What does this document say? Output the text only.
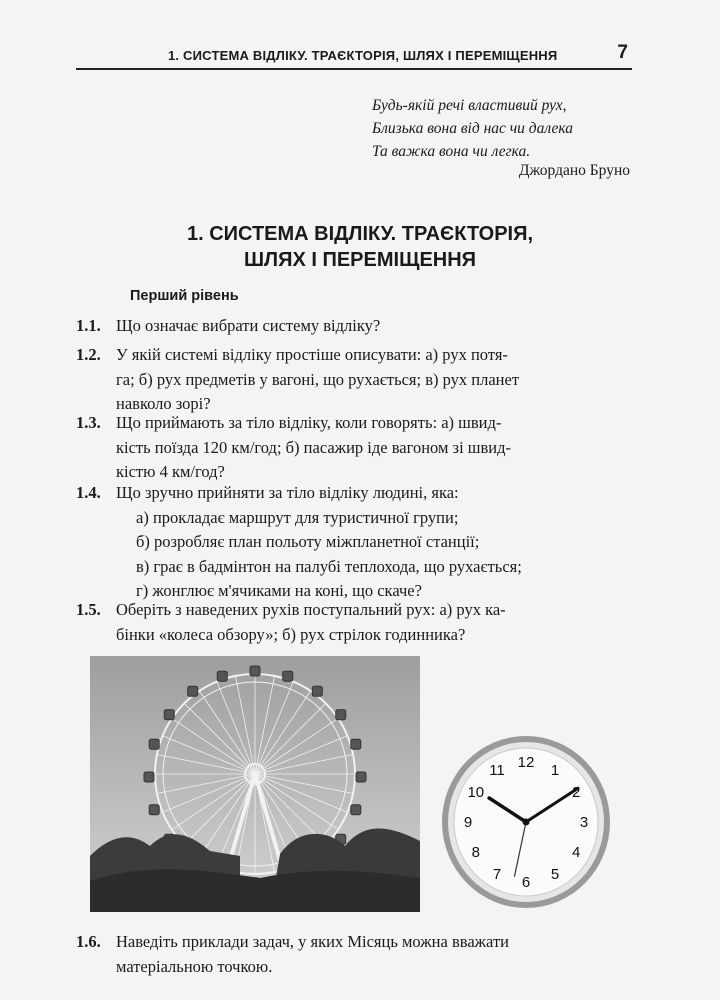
1. СИСТЕМА ВІДЛІКУ. ТРАЄКТОРІЯ, ШЛЯХ І ПЕРЕМІЩЕННЯ	7
Будь-якій речі властивий рух,
Близька вона від нас чи далека
Та важка вона чи легка.
Джордано Бруно
1. СИСТЕМА ВІДЛІКУ. ТРАЄКТОРІЯ,
ШЛЯХ І ПЕРЕМІЩЕННЯ
Перший рівень
1.1. Що означає вибрати систему відліку?
1.2. У якій системі відліку простіше описувати: а) рух потя-
га; б) рух предметів у вагоні, що рухається; в) рух планет
навколо зорі?
1.3. Що приймають за тіло відліку, коли говорять: а) швид-
кість поїзда 120 км/год; б) пасажир іде вагоном зі швид-
кістю 4 км/год?
1.4. Що зручно прийняти за тіло відліку людині, яка:
а) прокладає маршрут для туристичної групи;
б) розробляє план польоту міжпланетної станції;
в) грає в бадмінтон на палубі теплохода, що рухається;
г) жонглює м'ячиками на коні, що скаче?
1.5. Оберіть з наведених рухів поступальний рух: а) рух ка-
бінки «колеса обзору»; б) рух стрілок годинника?
12 1
2
3
4
5
6
7
8
9
10
11
1.6. Наведіть приклади задач, у яких Місяць можна вважати
матеріальною точкою.
